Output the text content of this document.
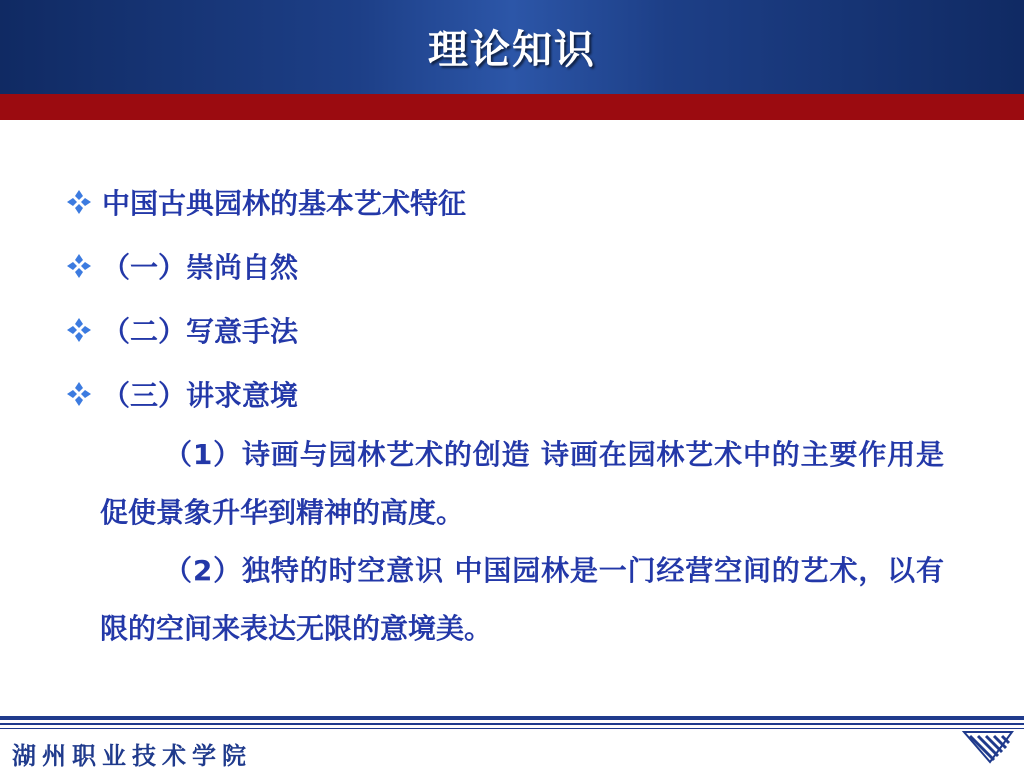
理论知识
中国古典园林的基本艺术特征
（一）崇尚自然
（二）写意手法
（三）讲求意境
（1）诗画与园林艺术的创造 诗画在园林艺术中的主要作用是促使景象升华到精神的高度。
（2）独特的时空意识 中国园林是一门经营空间的艺术，以有限的空间来表达无限的意境美。
湖州职业技术学院
